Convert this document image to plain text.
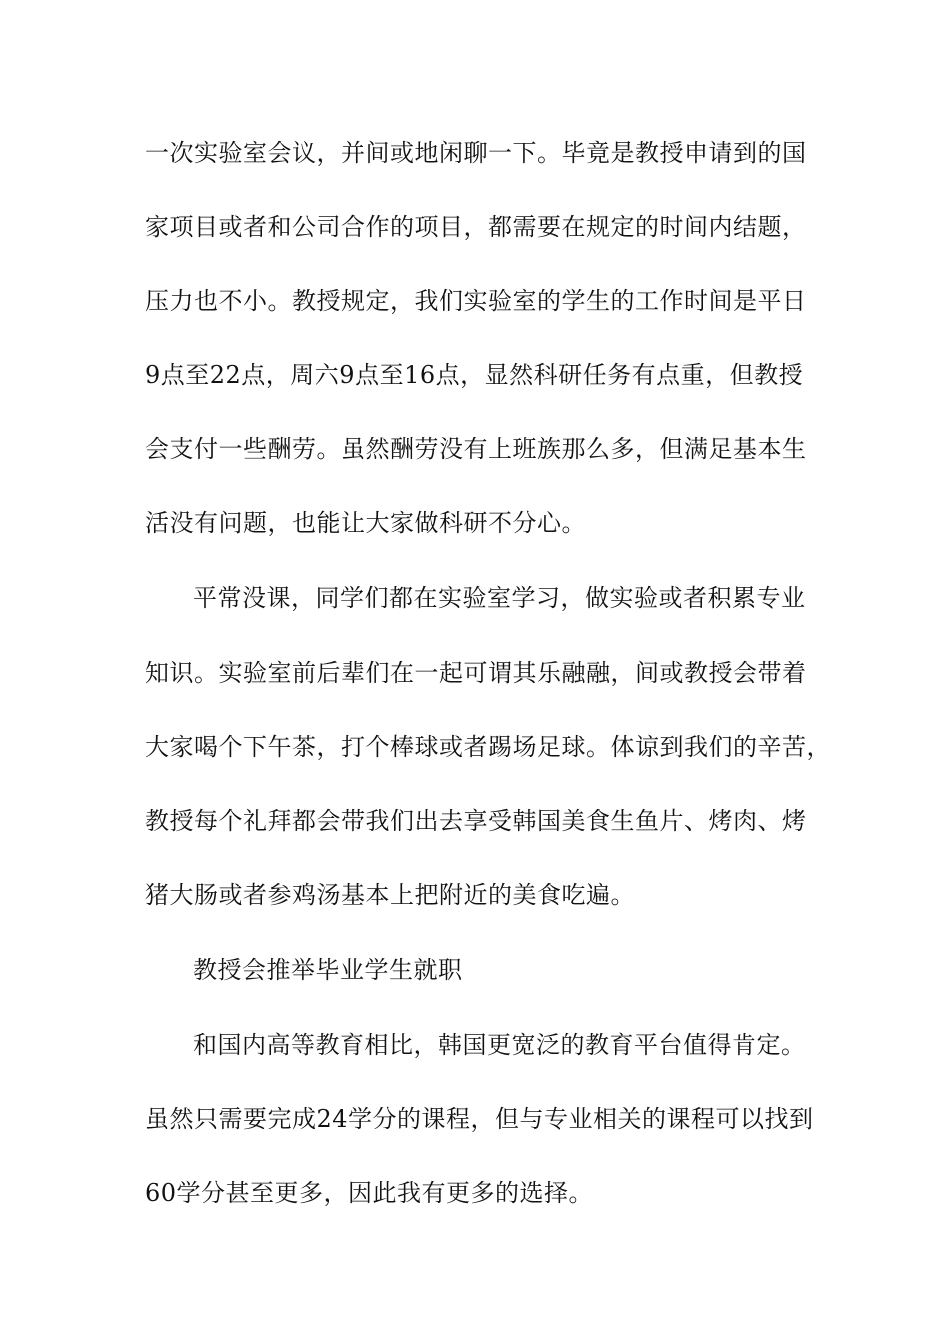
一次实验室会议，并间或地闲聊一下。毕竟是教授申请到的国
家项目或者和公司合作的项目，都需要在规定的时间内结题，
压力也不小。教授规定，我们实验室的学生的工作时间是平日
9点至22点，周六9点至16点，显然科研任务有点重，但教授
会支付一些酬劳。虽然酬劳没有上班族那么多，但满足基本生
活没有问题，也能让大家做科研不分心。
平常没课，同学们都在实验室学习，做实验或者积累专业
知识。实验室前后辈们在一起可谓其乐融融，间或教授会带着
大家喝个下午茶，打个棒球或者踢场足球。体谅到我们的辛苦，
教授每个礼拜都会带我们出去享受韩国美食生鱼片、烤肉、烤
猪大肠或者参鸡汤基本上把附近的美食吃遍。
教授会推举毕业学生就职
和国内高等教育相比，韩国更宽泛的教育平台值得肯定。
虽然只需要完成24学分的课程，但与专业相关的课程可以找到
60学分甚至更多，因此我有更多的选择。
